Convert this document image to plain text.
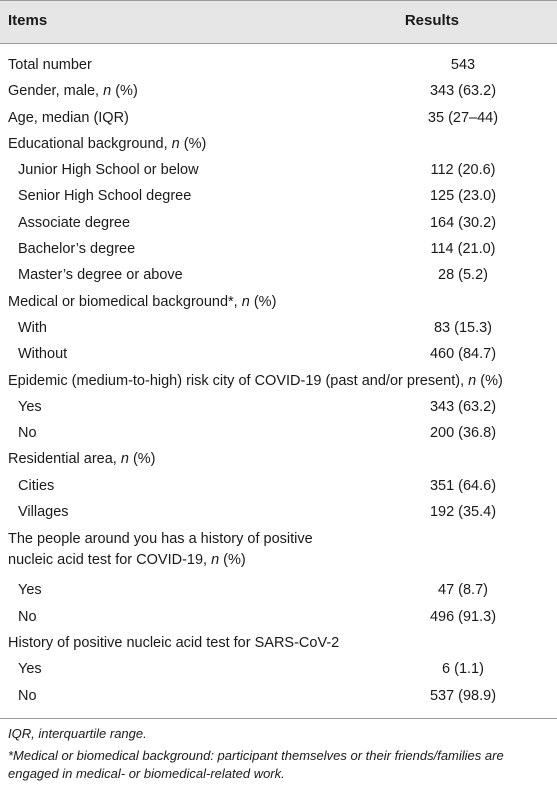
Items	Results
Total number	543
Gender, male, n (%)	343 (63.2)
Age, median (IQR)	35 (27–44)
Educational background, n (%)
Junior High School or below	112 (20.6)
Senior High School degree	125 (23.0)
Associate degree	164 (30.2)
Bachelor’s degree	114 (21.0)
Master’s degree or above	28 (5.2)
Medical or biomedical background*, n (%)
With	83 (15.3)
Without	460 (84.7)
Epidemic (medium-to-high) risk city of COVID-19 (past and/or present), n (%)
Yes	343 (63.2)
No	200 (36.8)
Residential area, n (%)
Cities	351 (64.6)
Villages	192 (35.4)
The people around you has a history of positive
nucleic acid test for COVID-19, n (%)
Yes	47 (8.7)
No	496 (91.3)
History of positive nucleic acid test for SARS-CoV-2
Yes	6 (1.1)
No	537 (98.9)
IQR, interquartile range.
*Medical or biomedical background: participant themselves or their friends/families are engaged in medical- or biomedical-related work.
